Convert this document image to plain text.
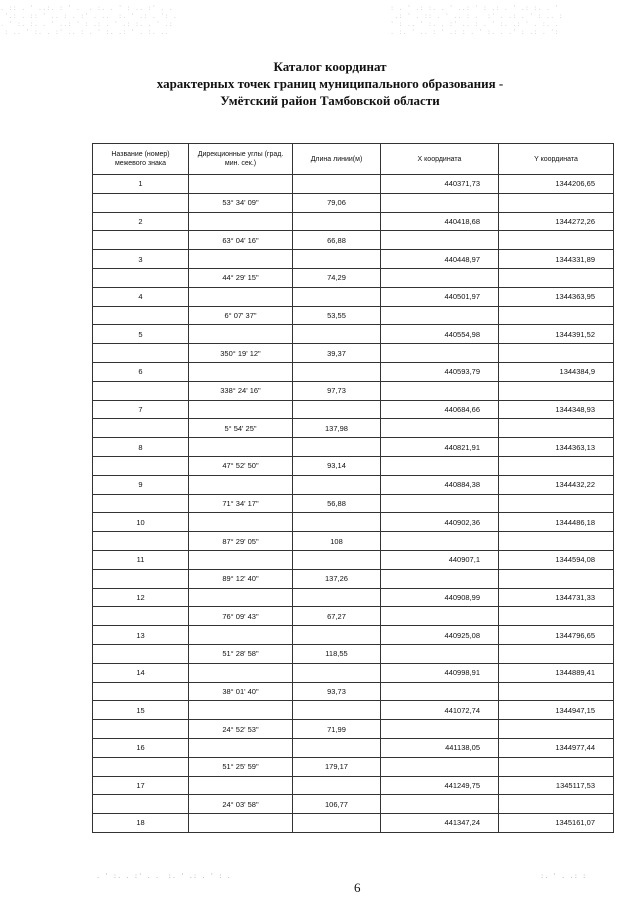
. :: . ' ..:. : ' .  . :. . ' : .. :' . .
'.: . :: ' .. : . :' . ..  :. ' .: . ': .
. ' :. :. . ' ..: ' : .: . ' .: :. . ' .:
: .. ' :. . :' .. : . ' :. .: ' . :. ..
: . ' .: :. . ' ..: ' : .: . ' .: :. . '
.: ' . :: . ' .. : .  :' . .: . ' : .. :
' : .. ' :. . :' .. : . ' :. .: ' . :. .
. :. ' .. : ' .: : . ' :. . .' : .: . ':
Каталог координат
характерных точек границ муниципального образования -
Умётский район Тамбовской области
Название (номер) межевого знака	Дирекционные углы (град. мин. сек.)	Длина линии(м)	X координата	Y координата
1			440371,73	1344206,65
	53° 34' 09"	79,06		
2			440418,68	1344272,26
	63° 04' 16"	66,88		
3			440448,97	1344331,89
	44° 29' 15"	74,29		
4			440501,97	1344363,95
	6° 07' 37"	53,55		
5			440554,98	1344391,52
	350° 19' 12"	39,37		
6			440593,79	1344384,9
	338° 24' 16"	97,73		
7			440684,66	1344348,93
	5° 54' 25"	137,98		
8			440821,91	1344363,13
	47° 52' 50"	93,14		
9			440884,38	1344432,22
	71° 34' 17"	56,88		
10			440902,36	1344486,18
	87° 29' 05"	108		
11			440907,1	1344594,08
	89° 12' 40"	137,26		
12			440908,99	1344731,33
	76° 09' 43"	67,27		
13			440925,08	1344796,65
	51° 28' 58"	118,55		
14			440998,91	1344889,41
	38° 01' 40"	93,73		
15			441072,74	1344947,15
	24° 52' 53"	71,99		
16			441138,05	1344977,44
	51° 25' 59"	179,17		
17			441249,75	1345117,53
	24° 03' 58"	106,77		
18			441347,24	1345161,07
. ' :. . :' . .  :. ' .: . ' : .	:. ' . .: :
6
